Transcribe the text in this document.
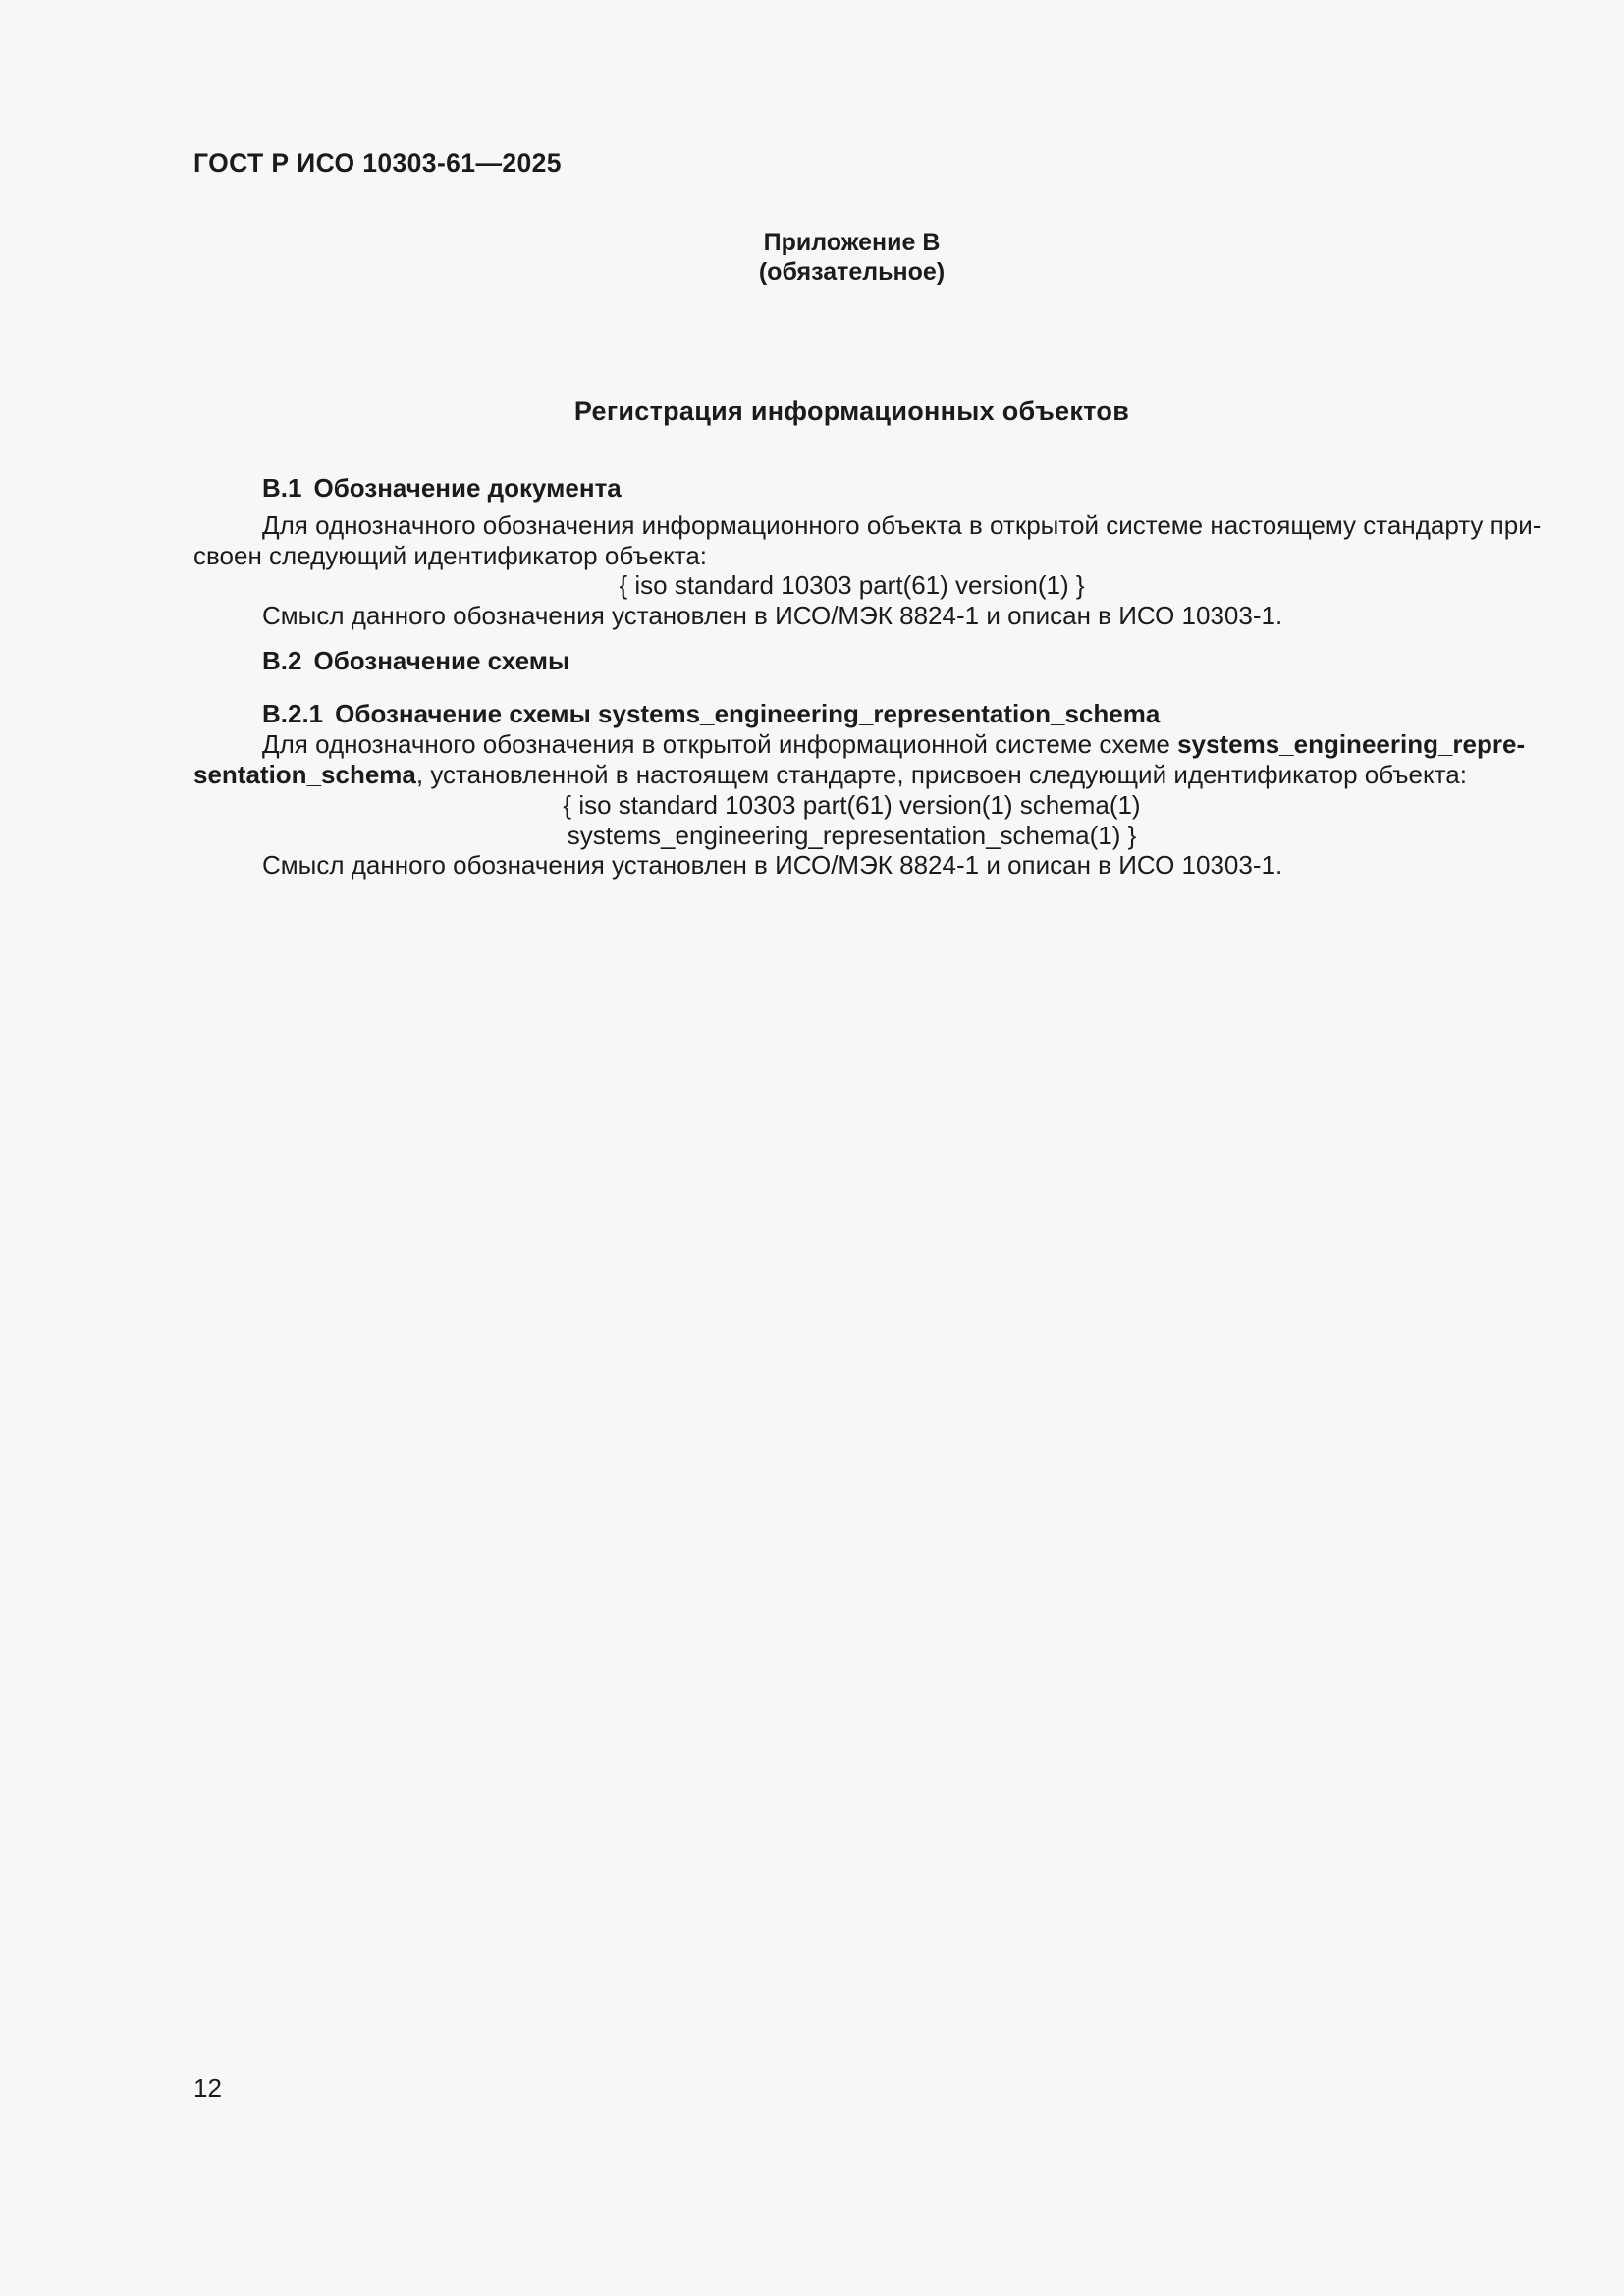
ГОСТ Р ИСО 10303-61—2025
Приложение В
(обязательное)
Регистрация информационных объектов
В.1 Обозначение документа
Для однозначного обозначения информационного объекта в открытой системе настоящему стандарту при-
своен следующий идентификатор объекта:
{ iso standard 10303 part(61) version(1) }
Смысл данного обозначения установлен в ИСО/МЭК 8824-1 и описан в ИСО 10303-1.
В.2 Обозначение схемы
В.2.1 Обозначение схемы systems_engineering_representation_schema
Для однозначного обозначения в открытой информационной системе схеме systems_engineering_repre-
sentation_schema, установленной в настоящем стандарте, присвоен следующий идентификатор объекта:
{ iso standard 10303 part(61) version(1) schema(1)
systems_engineering_representation_schema(1) }
Смысл данного обозначения установлен в ИСО/МЭК 8824-1 и описан в ИСО 10303-1.
12
